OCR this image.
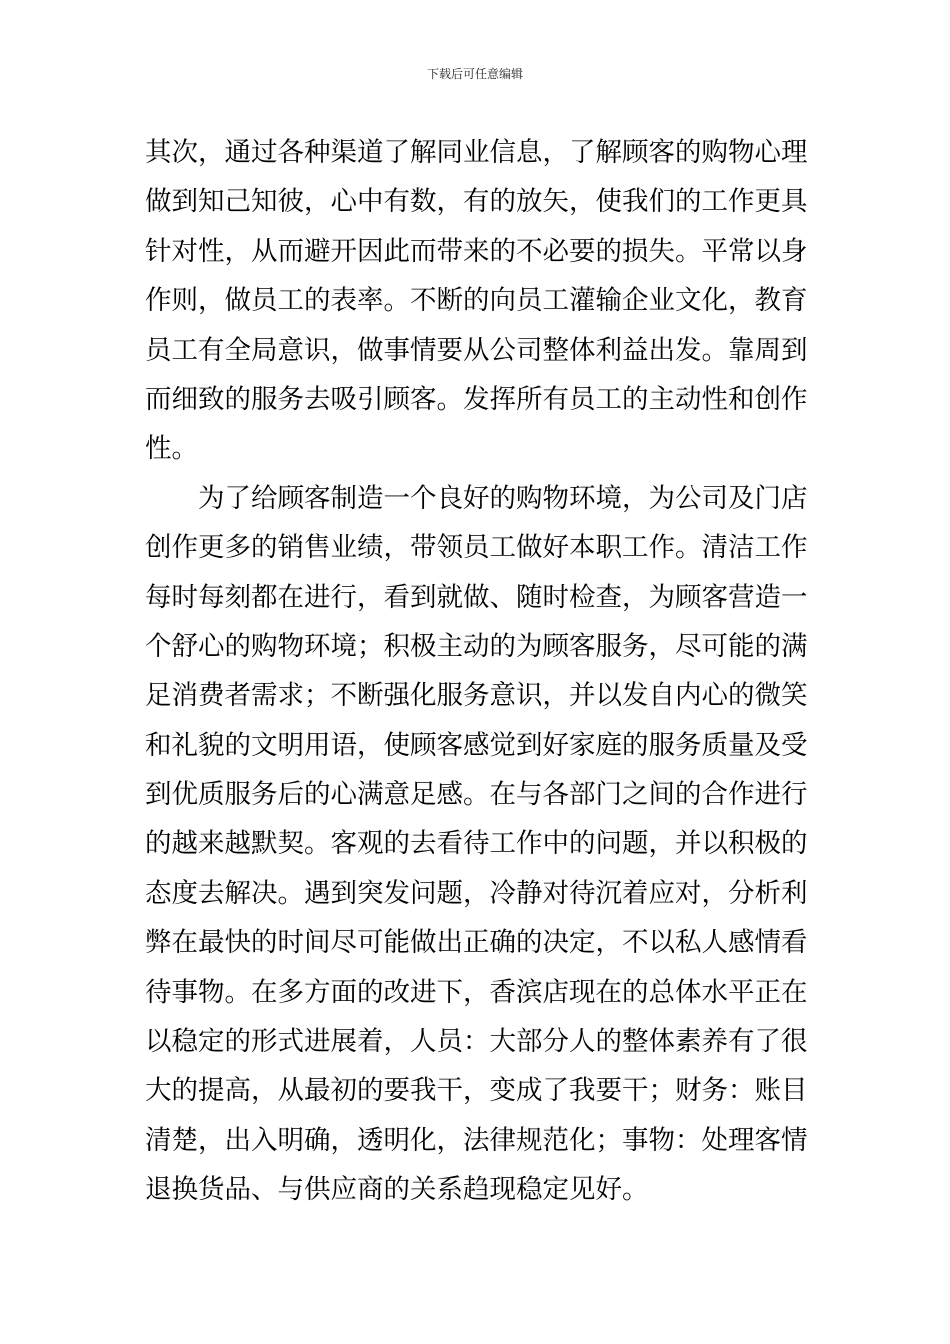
下载后可任意编辑
其次，通过各种渠道了解同业信息，了解顾客的购物心理
做到知己知彼，心中有数，有的放矢，使我们的工作更具
针对性，从而避开因此而带来的不必要的损失。平常以身
作则，做员工的表率。不断的向员工灌输企业文化，教育
员工有全局意识，做事情要从公司整体利益出发。靠周到
而细致的服务去吸引顾客。发挥所有员工的主动性和创作
性。
为了给顾客制造一个良好的购物环境，为公司及门店
创作更多的销售业绩，带领员工做好本职工作。清洁工作
每时每刻都在进行，看到就做、随时检查，为顾客营造一
个舒心的购物环境；积极主动的为顾客服务，尽可能的满
足消费者需求；不断强化服务意识，并以发自内心的微笑
和礼貌的文明用语，使顾客感觉到好家庭的服务质量及受
到优质服务后的心满意足感。在与各部门之间的合作进行
的越来越默契。客观的去看待工作中的问题，并以积极的
态度去解决。遇到突发问题，冷静对待沉着应对，分析利
弊在最快的时间尽可能做出正确的决定，不以私人感情看
待事物。在多方面的改进下，香滨店现在的总体水平正在
以稳定的形式进展着，人员：大部分人的整体素养有了很
大的提高，从最初的要我干，变成了我要干；财务：账目
清楚，出入明确，透明化，法律规范化；事物：处理客情
退换货品、与供应商的关系趋现稳定见好。
